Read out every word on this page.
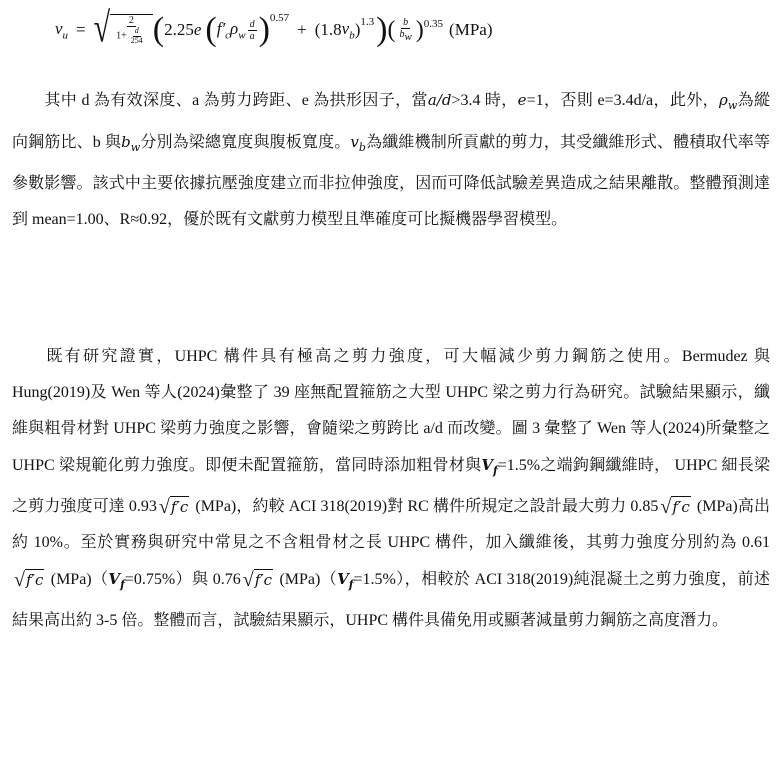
$v_u$ = √ $\frac{2}{1+ \frac{d}{254}}$ ( 2.25 e ( $f'_c$ $\rho_w \frac{d}{a} )^{0.57}$
+ (1.8 $v_b$ )$^{1.3}$ ) ( $\frac{b}{b_w} )^{0.35}$ (MPa)
其中 d 為有效深度、a 為剪力跨距、e 為拱形因子，當a/d>3.4 時，e=1，否則 e=3.4d/a，此外，$\rho_w$為縱向鋼筋比、b 與$b_w$分別為梁總寬度與腹板寬度。$v_b$為纖維機制所貢獻的剪力，其受纖維形式、體積取代率等參數影響。該式中主要依據抗壓強度建立而非拉伸強度，因而可降低試驗差異造成之結果離散。整體預測達到 mean=1.00、R≈0.92，優於既有文獻剪力模型且準確度可比擬機器學習模型。
既有研究證實，UHPC 構件具有極高之剪力強度，可大幅減少剪力鋼筋之使用。Bermudez 與 Hung(2019)及 Wen 等人(2024)彙整了 39 座無配置箍筋之大型 UHPC 梁之剪力行為研究。試驗結果顯示，纖維與粗骨材對 UHPC 梁剪力強度之影響，會隨梁之剪跨比 a/d 而改變。圖 3 彙整了 Wen 等人(2024)所彙整之 UHPC 梁規範化剪力強度。即便未配置箍筋，當同時添加粗骨材與$V_f=1.5\%$之端鉤鋼纖維時， UHPC 細長梁之剪力強度可達 0.93 √ f′c (MPa)，約較 ACI 318(2019)對 RC 構件所規定之設計最大剪力 0.85 √ f′c (MPa)高出約 10%。至於實務與研究中常見之不含粗骨材之長 UHPC 構件，加入纖維後，其剪力強度分別約為 0.61
√ f′c $(MPa)(V_f=0.75\%)$與 0.76 √ f′c $(MPa)(V_f=1.5\%)$，相較於 ACI 318(2019)純混凝土之剪力強度，前述結果高出約 3-5 倍。整體而言，試驗結果顯示，UHPC 構件具備免用或顯著減量剪力鋼筋之高度潛力。
